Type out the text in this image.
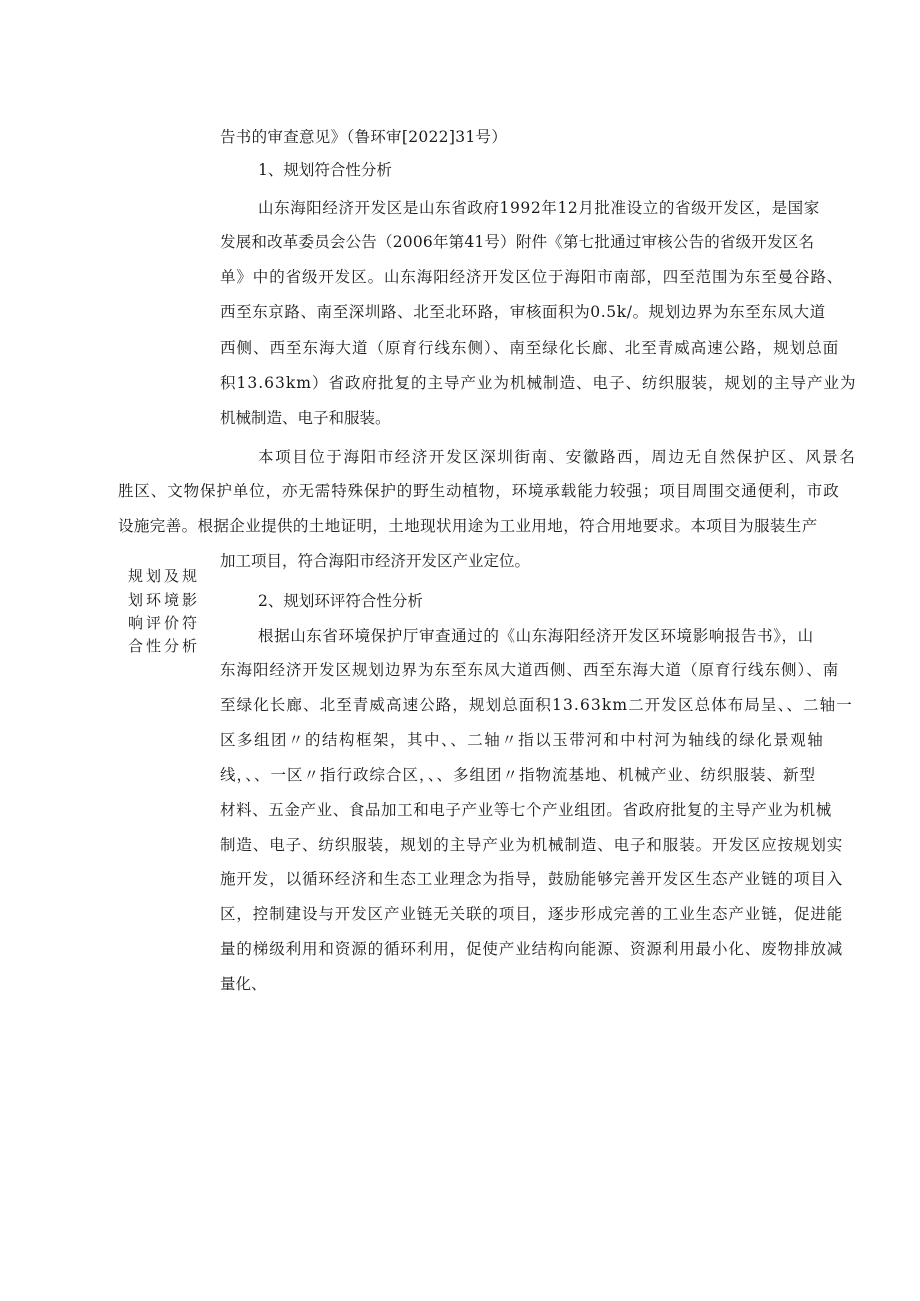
规划及规
划环境影
响评价符
合性分析
告书的审查意见》（鲁环审[2022]31号）
1、规划符合性分析
山东海阳经济开发区是山东省政府1992年12月批准设立的省级开发区，是国家
发展和改革委员会公告（2006年第41号）附件《第七批通过审核公告的省级开发区名
单》中的省级开发区。山东海阳经济开发区位于海阳市南部，四至范围为东至曼谷路、
西至东京路、南至深圳路、北至北环路，审核面积为0.5k/。规划边界为东至东凤大道
西侧、西至东海大道（原育行线东侧）、南至绿化长廊、北至青威高速公路，规划总面
积13.63km）省政府批复的主导产业为机械制造、电子、纺织服装，规划的主导产业为
机械制造、电子和服装。
本项目位于海阳市经济开发区深圳街南、安徽路西，周边无自然保护区、风景名
胜区、文物保护单位，亦无需特殊保护的野生动植物，环境承载能力较强；项目周围交通便利，市政
设施完善。根据企业提供的土地证明，土地现状用途为工业用地，符合用地要求。本项目为服装生产
加工项目，符合海阳市经济开发区产业定位。
2、规划环评符合性分析
根据山东省环境保护厅审查通过的《山东海阳经济开发区环境影响报告书》，山
东海阳经济开发区规划边界为东至东凤大道西侧、西至东海大道（原育行线东侧）、南
至绿化长廊、北至青威高速公路，规划总面积13.63km二开发区总体布局呈、、二轴一
区多组团〃的结构框架，其中、、二轴〃指以玉带河和中村河为轴线的绿化景观轴
线，、、一区〃指行政综合区，、、多组团〃指物流基地、机械产业、纺织服装、新型
材料、五金产业、食品加工和电子产业等七个产业组团。省政府批复的主导产业为机械
制造、电子、纺织服装，规划的主导产业为机械制造、电子和服装。开发区应按规划实
施开发，以循环经济和生态工业理念为指导，鼓励能够完善开发区生态产业链的项目入
区，控制建设与开发区产业链无关联的项目，逐步形成完善的工业生态产业链，促进能
量的梯级利用和资源的循环利用，促使产业结构向能源、资源利用最小化、废物排放减
量化、
